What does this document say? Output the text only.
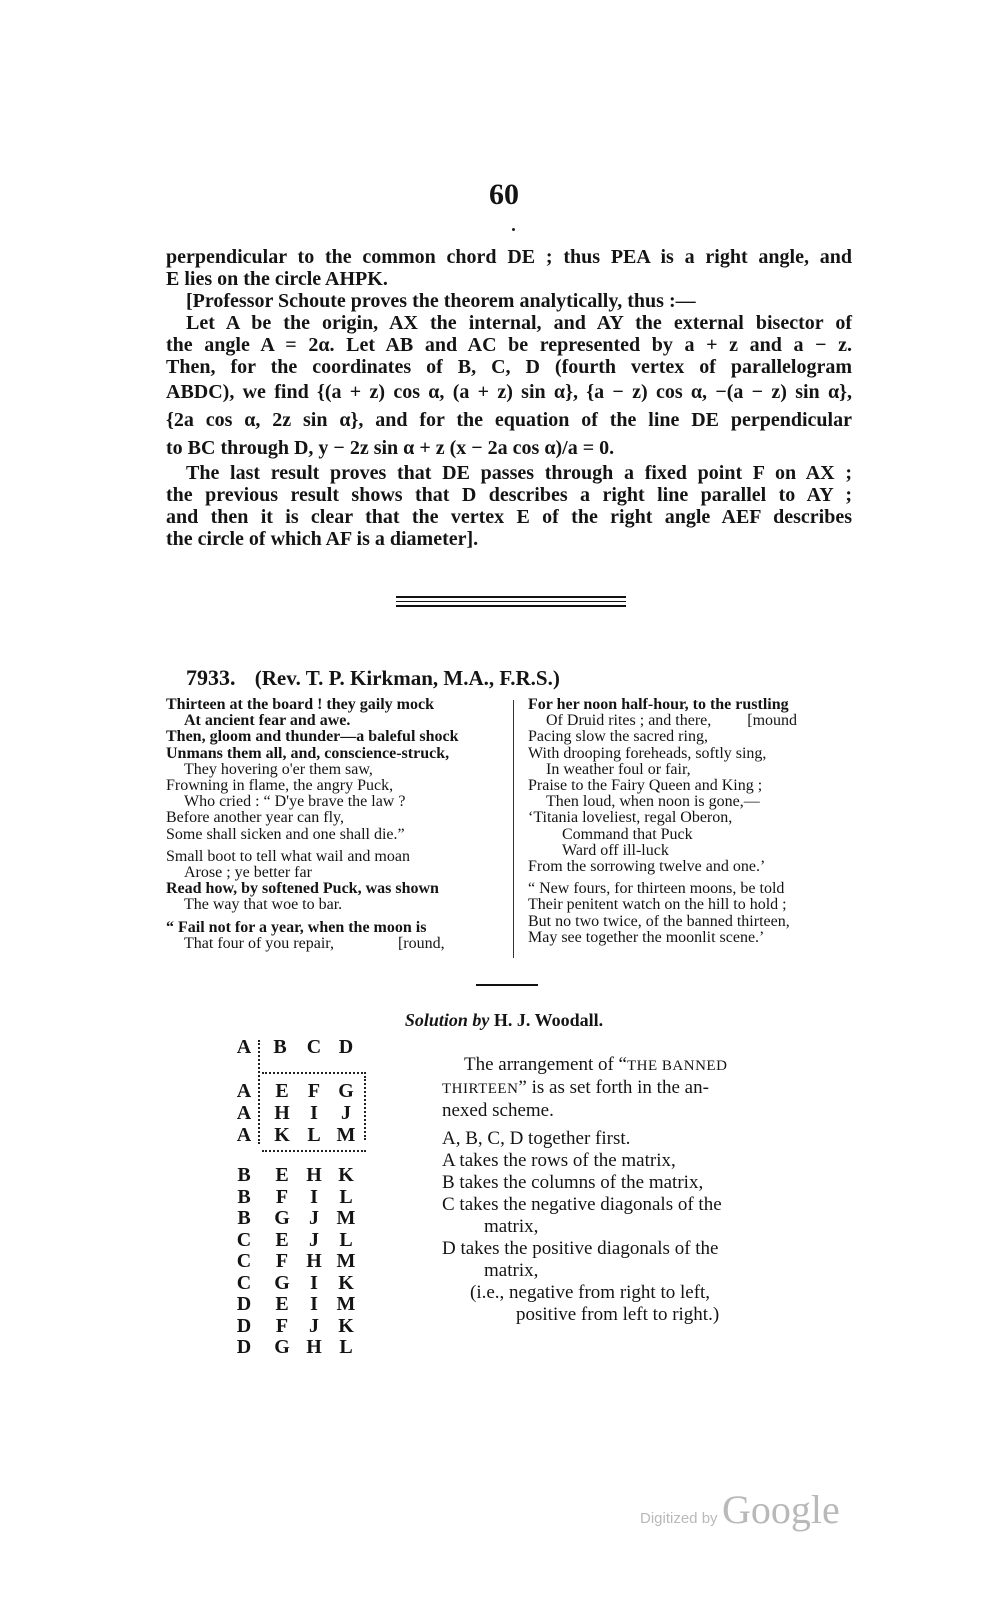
60
perpendicular to the common chord DE ; thus PEA is a right angle, and
E lies on the circle AHPK.
[Professor Schoute proves the theorem analytically, thus :—
Let A be the origin, AX the internal, and AY the external bisector of
the angle A = 2α. Let AB and AC be represented by a + z and a − z.
Then, for the coordinates of B, C, D (fourth vertex of parallelogram
ABDC), we find {(a + z) cos α, (a + z) sin α}, {a − z) cos α, −(a − z) sin α},
{2a cos α, 2z sin α}, and for the equation of the line DE perpendicular
to BC through D, y − 2z sin α + z (x − 2a cos α)/a = 0.
The last result proves that DE passes through a fixed point F on AX ;
the previous result shows that D describes a right line parallel to AY ;
and then it is clear that the vertex E of the right angle AEF describes
the circle of which AF is a diameter].
7933. (Rev. T. P. Kirkman, M.A., F.R.S.)
Thirteen at the board ! they gaily mock
At ancient fear and awe.
Then, gloom and thunder—a baleful shock
Unmans them all, and, conscience-struck,
They hovering o'er them saw,
Frowning in flame, the angry Puck,
Who cried : “ D'ye brave the law ?
Before another year can fly,
Some shall sicken and one shall die.”
Small boot to tell what wail and moan
Arose ; ye better far
Read how, by softened Puck, was shown
The way that woe to bar.
“ Fail not for a year, when the moon is
That four of you repair,                [round,
For her noon half-hour, to the rustling
Of Druid rites ; and there,         [mound
Pacing slow the sacred ring,
With drooping foreheads, softly sing,
In weather foul or fair,
Praise to the Fairy Queen and King ;
Then loud, when noon is gone,—
‘Titania loveliest, regal Oberon,
Command that Puck
Ward off ill-luck
From the sorrowing twelve and one.’
“ New fours, for thirteen moons, be told
Their penitent watch on the hill to hold ;
But no two twice, of the banned thirteen,
May see together the moonlit scene.’
Solution by H. J. Woodall.
A B C D
A E F G
A H	I	J
A K L M
B E H K
B F	I	L
B G J M
C E	J	L
C F H M
C G	I	K
D E	I M
D F	J K
D G H L
The arrangement of “THE BANNED
THIRTEEN” is as set forth in the an-
nexed scheme.
A, B, C, D together first.
A takes the rows of the matrix,
B takes the columns of the matrix,
C takes the negative diagonals of the
matrix,
D takes the positive diagonals of the
matrix,
(i.e., negative from right to left,
positive from left to right.)
Digitized by Google
